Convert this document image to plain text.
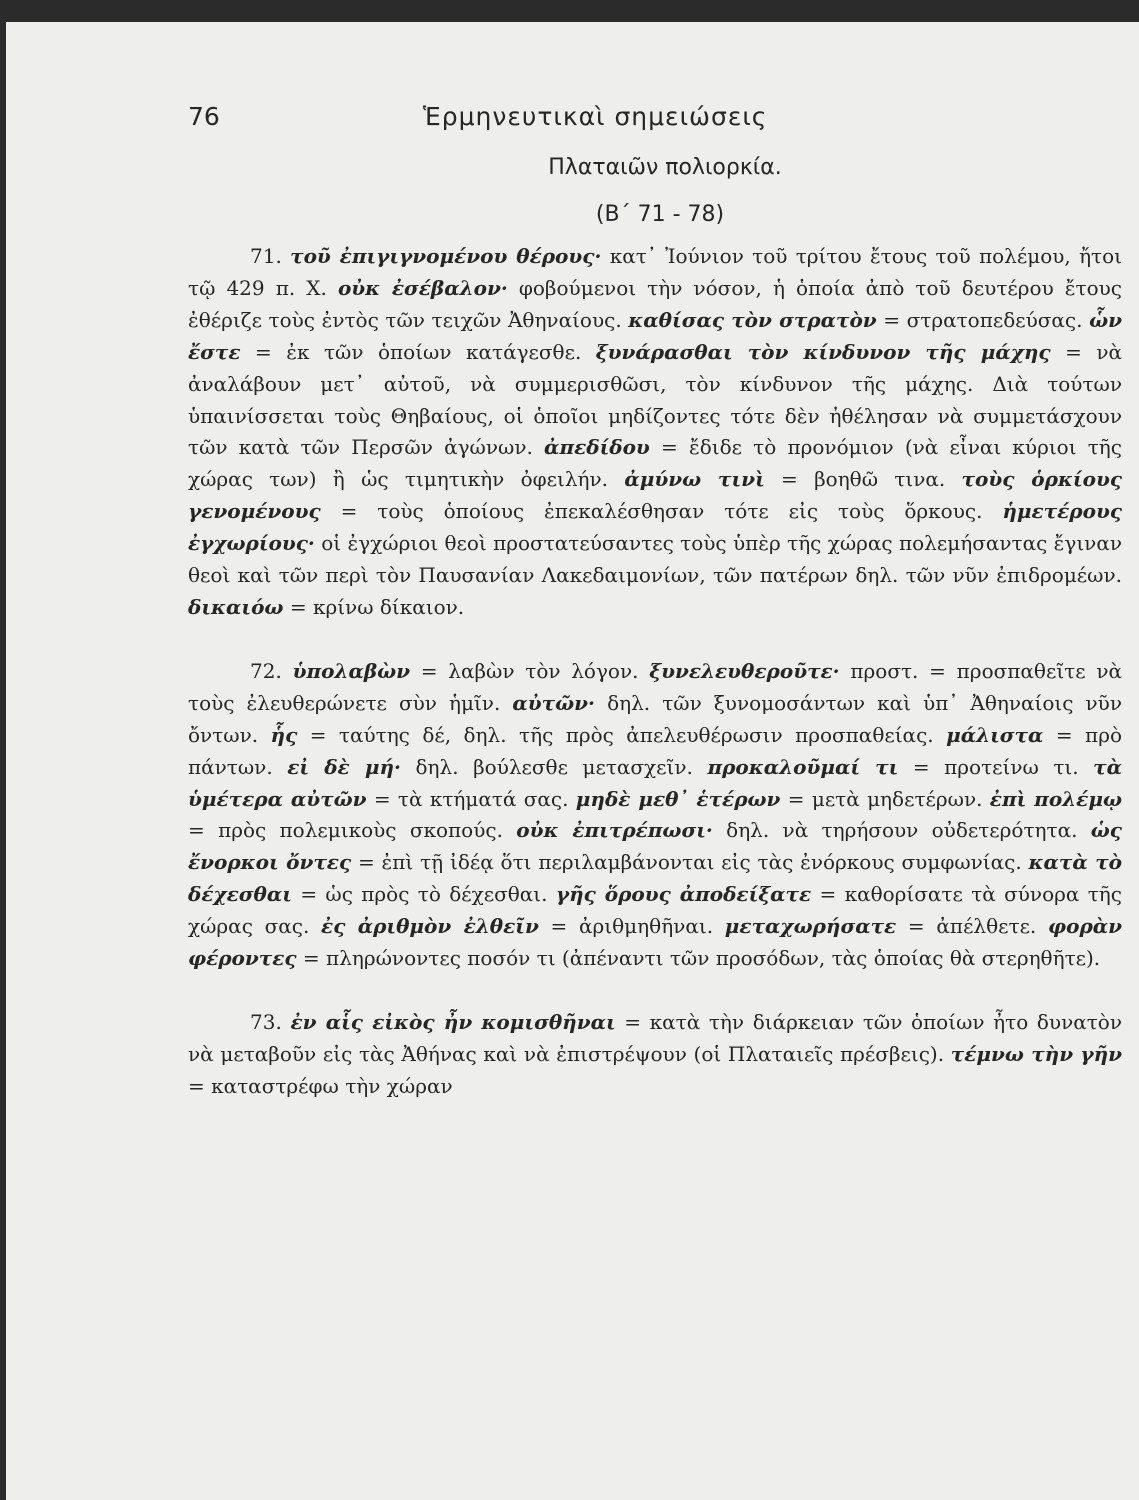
76	Ἑρμηνευτικαὶ σημειώσεις
Πλαταιῶν πολιορκία.
(Β΄ 71 - 78)

71. τοῦ ἐπιγιγνομένου θέρους· κατ᾽ Ἰούνιον τοῦ τρίτου ἔτους τοῦ πολέμου, ἤτοι τῷ 429 π. Χ. οὐκ ἐσέβαλον· φοβούμενοι τὴν νόσον, ἡ ὁποία ἀπὸ τοῦ δευτέρου ἔτους ἐθέριζε τοὺς ἐντὸς τῶν τειχῶν Ἀθηναίους. καθίσας τὸν στρατὸν = στρατοπεδεύσας. ὧν ἔστε = ἐκ τῶν ὁποίων κατάγεσθε. ξυνάρασθαι τὸν κίνδυνον τῆς μάχης = νὰ ἀναλάβουν μετ᾽ αὐτοῦ, νὰ συμμερισθῶσι, τὸν κίνδυνον τῆς μάχης. Διὰ τούτων ὑπαινίσσεται τοὺς Θηβαίους, οἱ ὁποῖοι μηδίζοντες τότε δὲν ἠθέλησαν νὰ συμμετάσχουν τῶν κατὰ τῶν Περσῶν ἀγώνων. ἀπεδίδου = ἔδιδε τὸ προνόμιον (νὰ εἶναι κύριοι τῆς χώρας των) ἢ ὡς τιμητικὴν ὀφειλήν. ἀμύνω τινὶ = βοηθῶ τινα. τοὺς ὁρκίους γενομένους = τοὺς ὁποίους ἐπεκαλέσθησαν τότε εἰς τοὺς ὅρκους. ἡμετέρους ἐγχωρίους· οἱ ἐγχώριοι θεοὶ προστατεύσαντες τοὺς ὑπὲρ τῆς χώρας πολεμήσαντας ἔγιναν θεοὶ καὶ τῶν περὶ τὸν Παυσανίαν Λακεδαιμονίων, τῶν πατέρων δηλ. τῶν νῦν ἐπιδρομέων. δικαιόω = κρίνω δίκαιον.

72. ὑπολαβὼν = λαβὼν τὸν λόγον. ξυνελευθεροῦτε· προστ. = προσπαθεῖτε νὰ τοὺς ἐλευθερώνετε σὺν ἡμῖν. αὐτῶν· δηλ. τῶν ξυνομοσάντων καὶ ὑπ᾽ Ἀθηναίοις νῦν ὄντων. ἧς = ταύτης δέ, δηλ. τῆς πρὸς ἀπελευθέρωσιν προσπαθείας. μάλιστα = πρὸ πάντων. εἰ δὲ μή· δηλ. βούλεσθε μετασχεῖν. προκαλοῦμαί τι = προτείνω τι. τὰ ὑμέτερα αὐτῶν = τὰ κτήματά σας. μηδὲ μεθ᾽ ἑτέρων = μετὰ μηδετέρων. ἐπὶ πολέμῳ = πρὸς πολεμικοὺς σκοπούς. οὐκ ἐπιτρέπωσι· δηλ. νὰ τηρήσουν οὐδετερότητα. ὡς ἔνορκοι ὄντες = ἐπὶ τῇ ἰδέᾳ ὅτι περιλαμβάνονται εἰς τὰς ἐνόρκους συμφωνίας. κατὰ τὸ δέχεσθαι = ὡς πρὸς τὸ δέχεσθαι. γῆς ὅρους ἀποδείξατε = καθορίσατε τὰ σύνορα τῆς χώρας σας. ἐς ἀριθμὸν ἐλθεῖν = ἀριθμηθῆναι. μεταχωρήσατε = ἀπέλθετε. φορὰν φέροντες = πληρώνοντες ποσόν τι (ἀπέναντι τῶν προσόδων, τὰς ὁποίας θὰ στερηθῆτε).

73. ἐν αἷς εἰκὸς ἦν κομισθῆναι = κατὰ τὴν διάρκειαν τῶν ὁποίων ἦτο δυνατὸν νὰ μεταβοῦν εἰς τὰς Ἀθήνας καὶ νὰ ἐπιστρέψουν (οἱ Πλαταιεῖς πρέσβεις). τέμνω τὴν γῆν = καταστρέφω τὴν χώραν
